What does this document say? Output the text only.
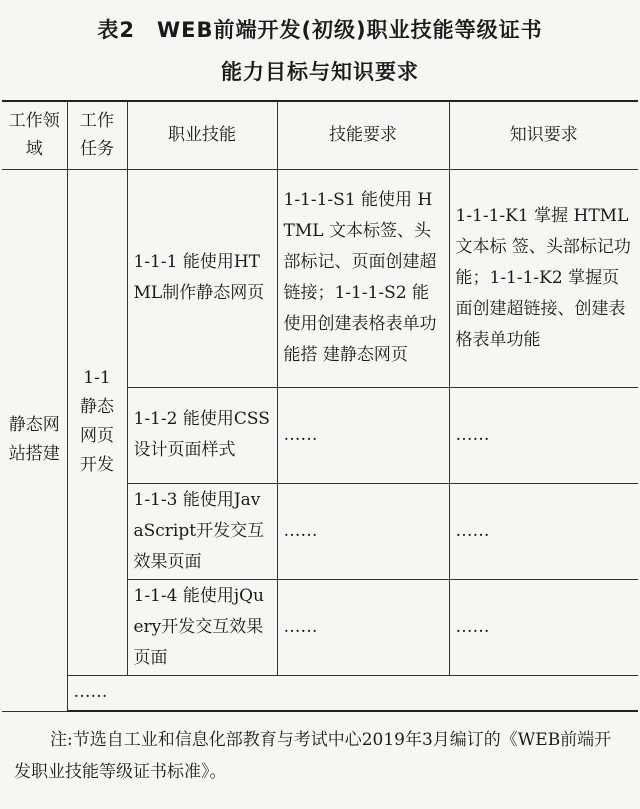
表2　WEB前端开发(初级)职业技能等级证书
能力目标与知识要求
工作领域	工作任务	职业技能	技能要求	知识要求
静态网站搭建	1-1 静态网页开发	1-1-1 能使用HTML制作静态网页	1-1-1-S1 能使用 HTML 文本标签、头 部标记、页面创建超链接；1-1-1-S2 能使用创建表格表单功能搭 建静态网页	1-1-1-K1 掌握 HTML 文本标 签、头部标记功能；1-1-1-K2 掌握页面创建超链接、创建表格表单功能
		1-1-2 能使用CSS设计页面样式	……	……
		1-1-3 能使用JavaScript开发交互效果页面	……	……
		1-1-4 能使用jQuery开发交互效果页面	……	……
	……			
注:节选自工业和信息化部教育与考试中心2019年3月编订的《WEB前端开发职业技能等级证书标准》。
